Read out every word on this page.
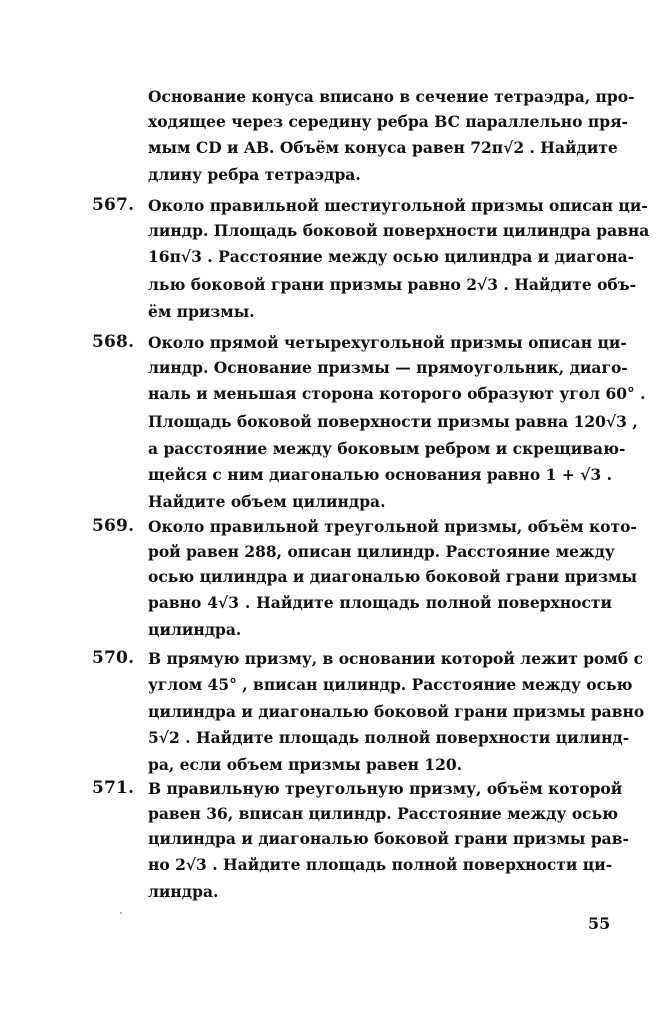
Основание конуса вписано в сечение тетраэдра, про-
ходящее через середину ребра BC параллельно пря-
мым CD и AB. Объём конуса равен 72π√2 . Найдите
длину ребра тетраэдра.
567. Около правильной шестиугольной призмы описан ци-
линдр. Площадь боковой поверхности цилиндра равна
16π√3 . Расстояние между осью цилиндра и диагона-
лью боковой грани призмы равно 2√3 . Найдите объ-
ём призмы.
568. Около прямой четырехугольной призмы описан ци-
линдр. Основание призмы — прямоугольник, диаго-
наль и меньшая сторона которого образуют угол 60° .
Площадь боковой поверхности призмы равна 120√3 ,
а расстояние между боковым ребром и скрещиваю-
щейся с ним диагональю основания равно 1 + √3 .
Найдите объем цилиндра.
569. Около правильной треугольной призмы, объём кото-
рой равен 288, описан цилиндр. Расстояние между
осью цилиндра и диагональю боковой грани призмы
равно 4√3 . Найдите площадь полной поверхности
цилиндра.
570. В прямую призму, в основании которой лежит ромб с
углом 45° , вписан цилиндр. Расстояние между осью
цилиндра и диагональю боковой грани призмы равно
5√2 . Найдите площадь полной поверхности цилинд-
ра, если объем призмы равен 120.
571. В правильную треугольную призму, объём которой
равен 36, вписан цилиндр. Расстояние между осью
цилиндра и диагональю боковой грани призмы рав-
но 2√3 . Найдите площадь полной поверхности ци-
линдра.
55
